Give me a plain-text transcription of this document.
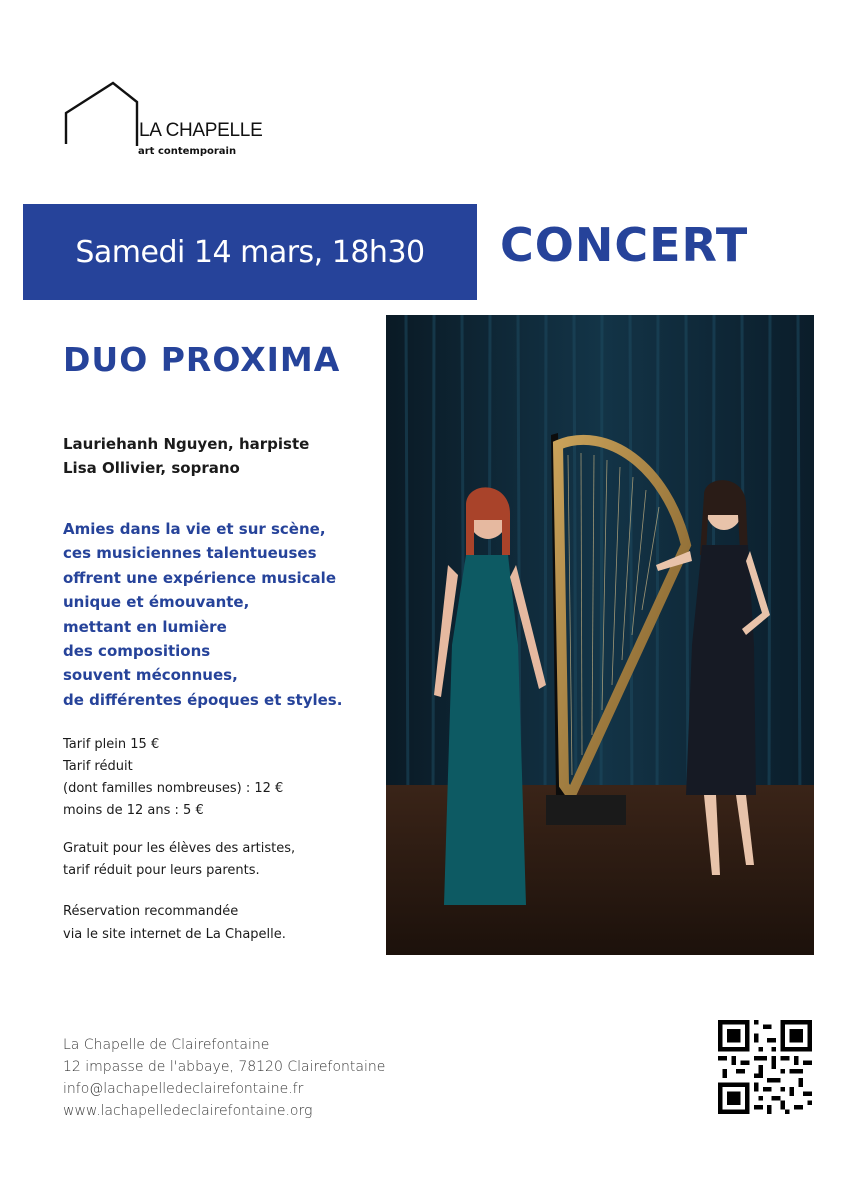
LA CHAPELLE
art contemporain
Samedi 14 mars, 18h30 CONCERT
DUO PROXIMA
Lauriehanh Nguyen, harpiste
Lisa Ollivier, soprano
Amies dans la vie et sur scène,
ces musiciennes talentueuses
offrent une expérience musicale
unique et émouvante,
mettant en lumière
des compositions
souvent méconnues,
de différentes époques et styles.
Tarif plein 15 €
Tarif réduit
(dont familles nombreuses) : 12 €
moins de 12 ans : 5 €
Gratuit pour les élèves des artistes,
tarif réduit pour leurs parents.
Réservation recommandée
via le site internet de La Chapelle.
La Chapelle de Clairefontaine
12 impasse de l'abbaye, 78120 Clairefontaine
info@lachapelledeclairefontaine.fr
www.lachapelledeclairefontaine.org
